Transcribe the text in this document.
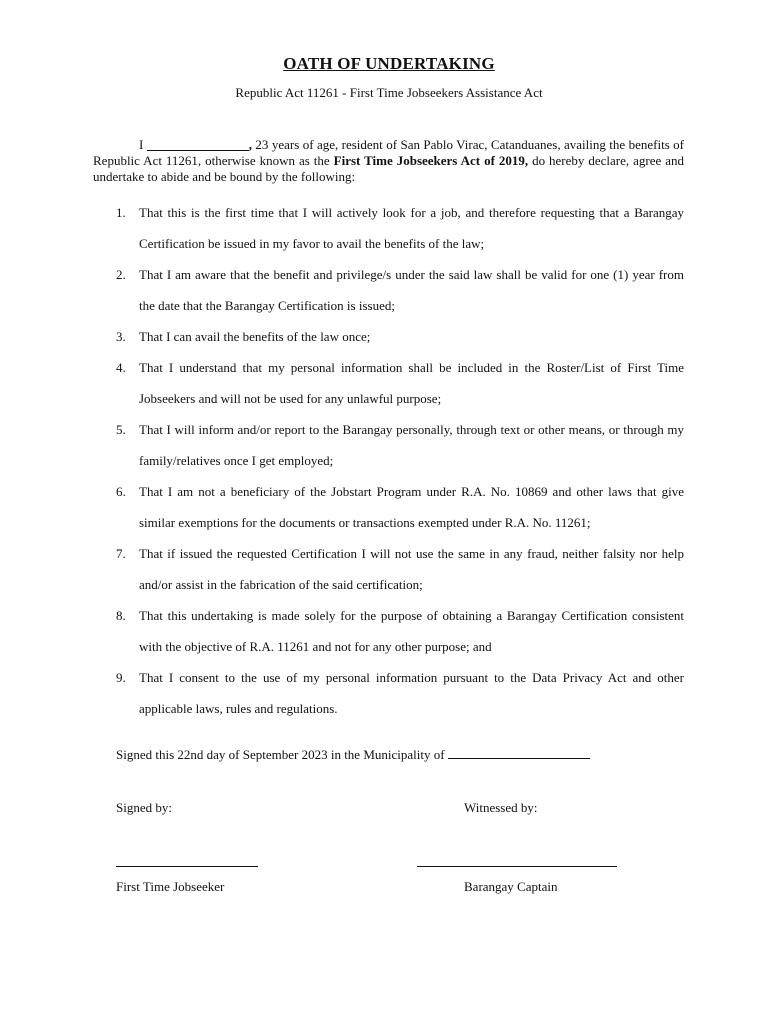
OATH OF UNDERTAKING
Republic Act 11261 - First Time Jobseekers Assistance Act

I	, 23 years of age, resident of San Pablo Virac, Catanduanes, availing the benefits of Republic Act 11261, otherwise known as the First Time Jobseekers Act of 2019, do hereby declare, agree and undertake to abide and be bound by the following:

1. That this is the first time that I will actively look for a job, and therefore requesting that a Barangay Certification be issued in my favor to avail the benefits of the law;
2. That I am aware that the benefit and privilege/s under the said law shall be valid for one (1) year from the date that the Barangay Certification is issued;
3. That I can avail the benefits of the law once;
4. That I understand that my personal information shall be included in the Roster/List of First Time Jobseekers and will not be used for any unlawful purpose;
5. That I will inform and/or report to the Barangay personally, through text or other means, or through my family/relatives once I get employed;
6. That I am not a beneficiary of the Jobstart Program under R.A. No. 10869 and other laws that give similar exemptions for the documents or transactions exempted under R.A. No. 11261;
7. That if issued the requested Certification I will not use the same in any fraud, neither falsity nor help and/or assist in the fabrication of the said certification;
8. That this undertaking is made solely for the purpose of obtaining a Barangay Certification consistent with the objective of R.A. 11261 and not for any other purpose; and
9. That I consent to the use of my personal information pursuant to the Data Privacy Act and other applicable laws, rules and regulations.
Signed this 22nd day of September 2023 in the Municipality of
Signed by:	Witnessed by:
First Time Jobseeker	Barangay Captain
